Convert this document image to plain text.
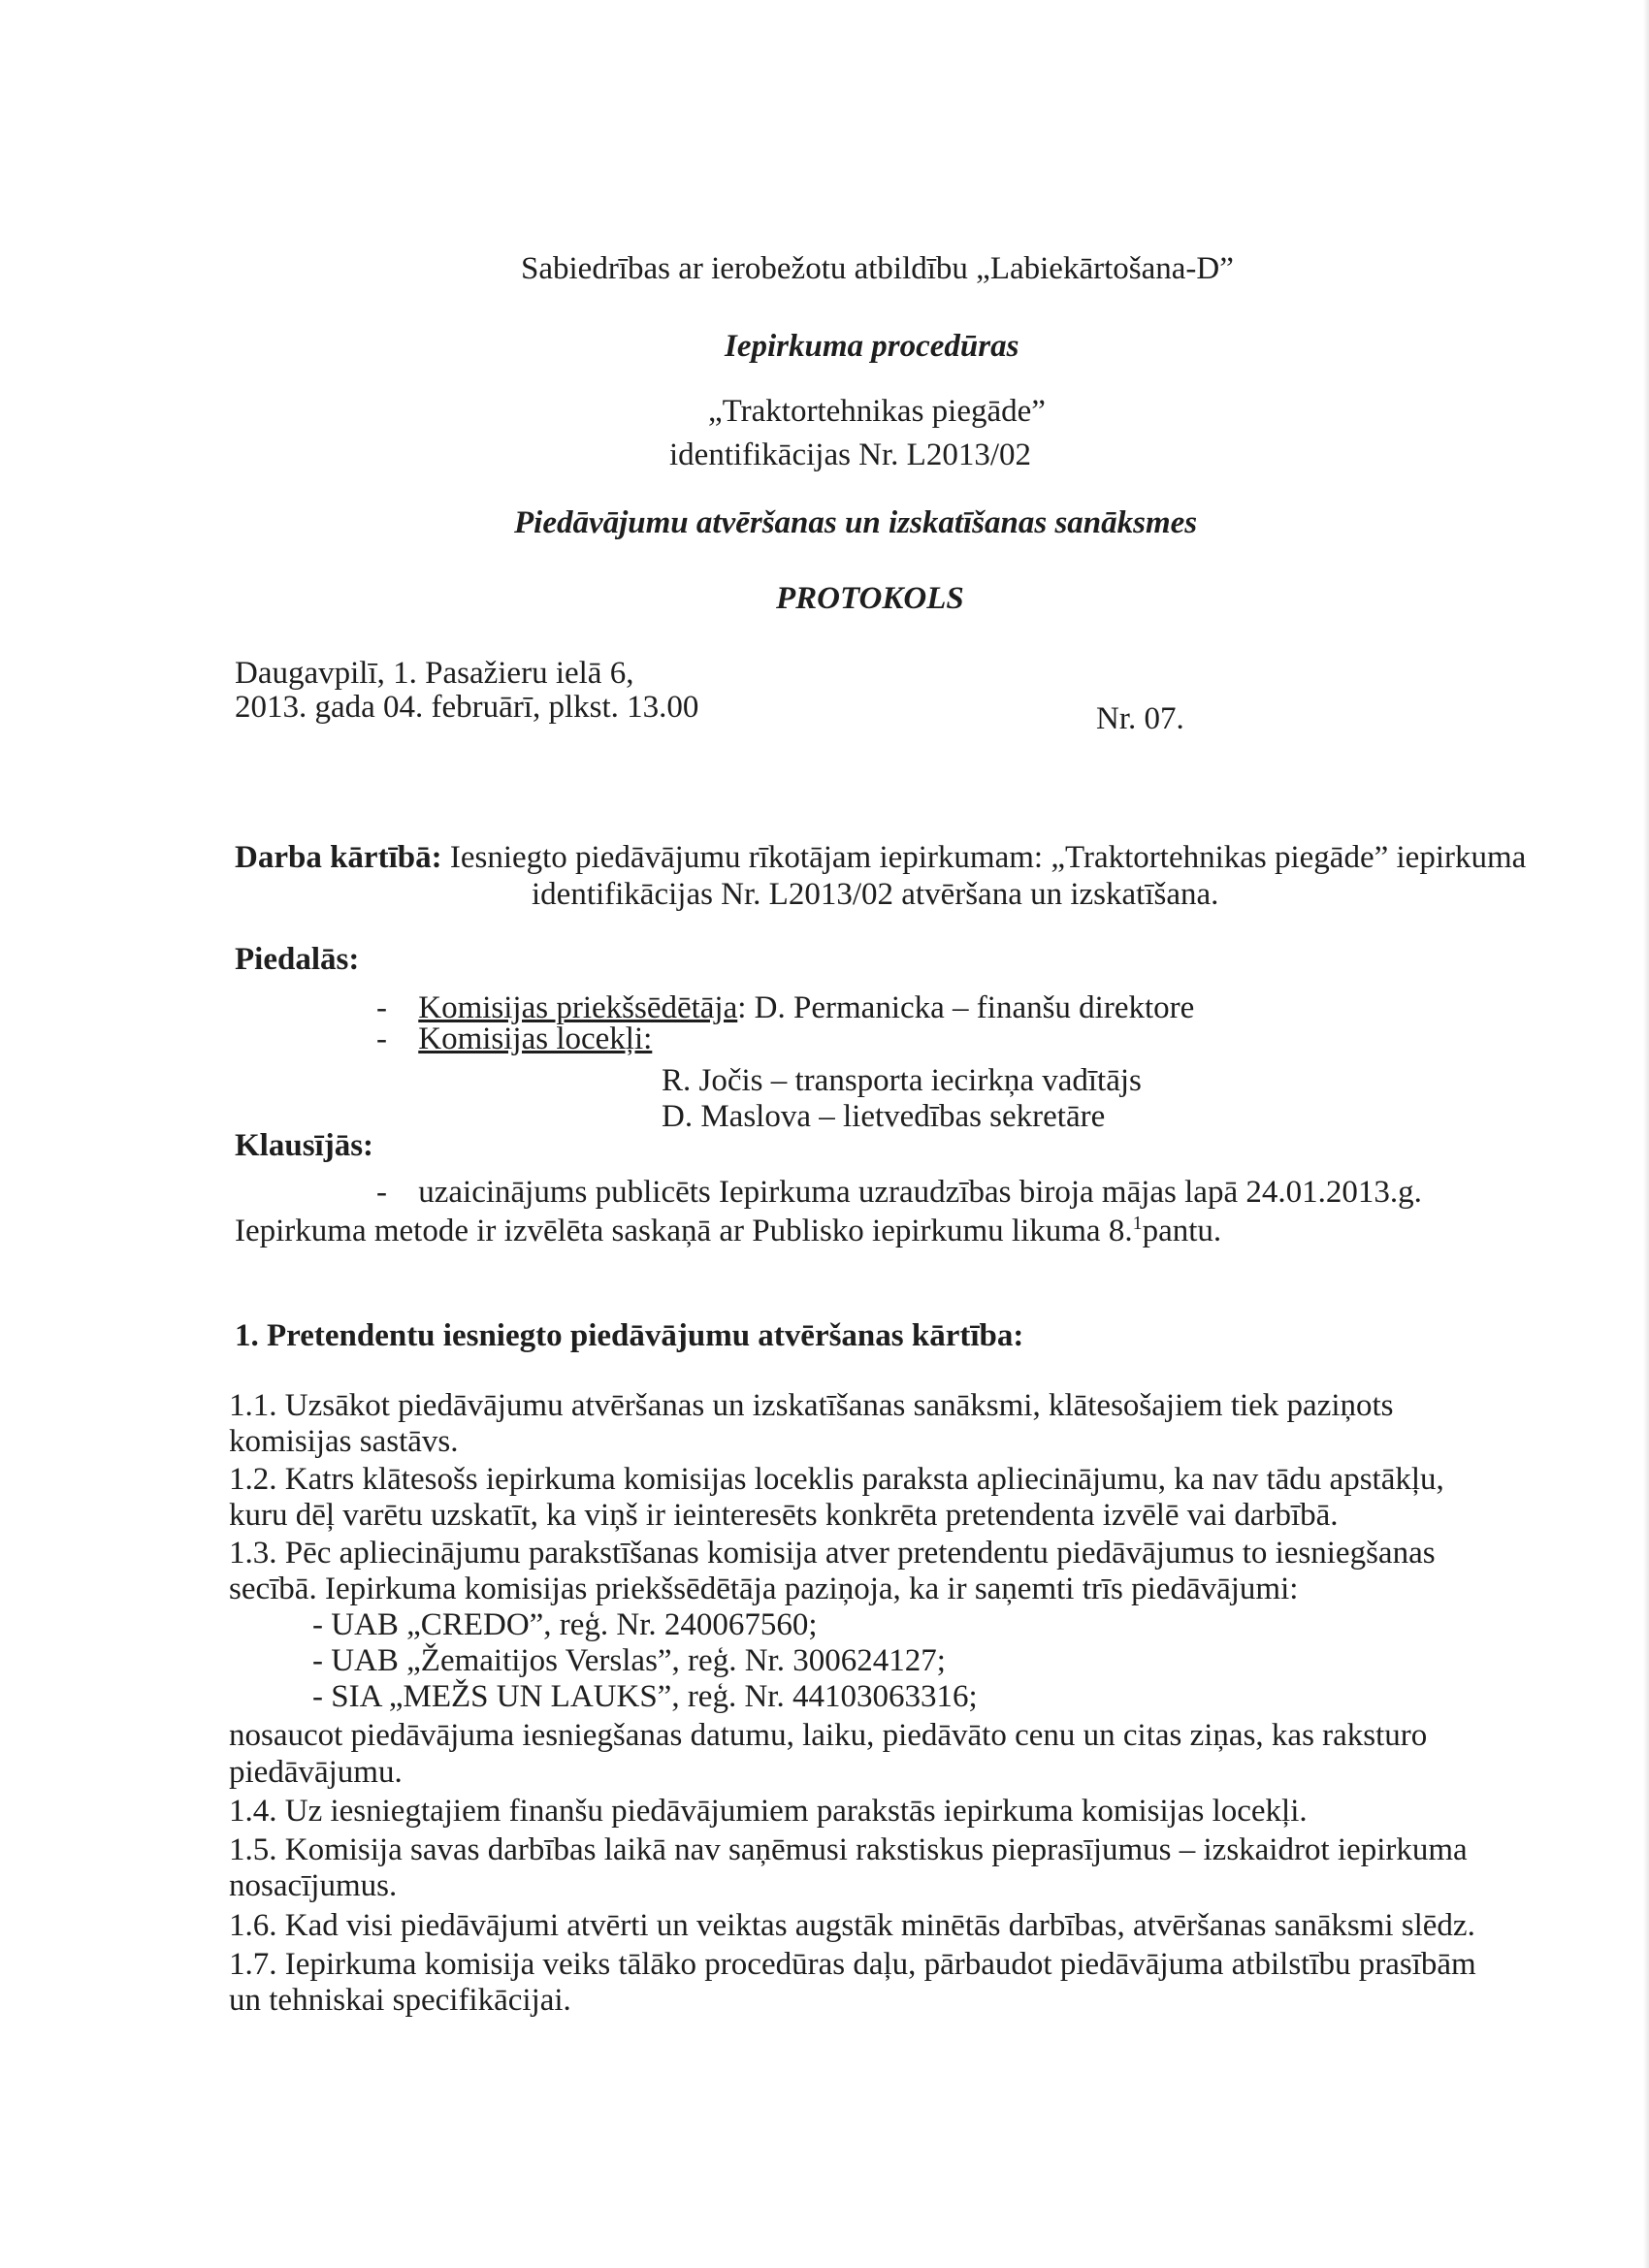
Sabiedrības ar ierobežotu atbildību „Labiekārtošana-D”
Iepirkuma procedūras
„Traktortehnikas piegāde”
identifikācijas Nr. L2013/02
Piedāvājumu atvēršanas un izskatīšanas sanāksmes
PROTOKOLS
Daugavpilī, 1. Pasažieru ielā 6,
2013. gada 04. februārī, plkst. 13.00	Nr. 07.
Darba kārtībā: Iesniegto piedāvājumu rīkotājam iepirkumam: „Traktortehnikas piegāde” iepirkuma
identifikācijas Nr. L2013/02 atvēršana un izskatīšana.
Piedalās:
- Komisijas priekšsēdētāja: D. Permanicka – finanšu direktore
- Komisijas locekļi:
R. Jočis – transporta iecirkņa vadītājs
D. Maslova – lietvedības sekretāre
Klausījās:
- uzaicinājums publicēts Iepirkuma uzraudzības biroja mājas lapā 24.01.2013.g.
Iepirkuma metode ir izvēlēta saskaņā ar Publisko iepirkumu likuma 8.$^1$pantu.
1. Pretendentu iesniegto piedāvājumu atvēršanas kārtība:
1.1. Uzsākot piedāvājumu atvēršanas un izskatīšanas sanāksmi, klātesošajiem tiek paziņots
komisijas sastāvs.
1.2. Katrs klātesošs iepirkuma komisijas loceklis paraksta apliecinājumu, ka nav tādu apstākļu,
kuru dēļ varētu uzskatīt, ka viņš ir ieinteresēts konkrēta pretendenta izvēlē vai darbībā.
1.3. Pēc apliecinājumu parakstīšanas komisija atver pretendentu piedāvājumus to iesniegšanas
secībā. Iepirkuma komisijas priekšsēdētāja paziņoja, ka ir saņemti trīs piedāvājumi:
- UAB „CREDO”, reģ. Nr. 240067560;
- UAB „Žemaitijos Verslas”, reģ. Nr. 300624127;
- SIA „MEŽS UN LAUKS”, reģ. Nr. 44103063316;
nosaucot piedāvājuma iesniegšanas datumu, laiku, piedāvāto cenu un citas ziņas, kas raksturo
piedāvājumu.
1.4. Uz iesniegtajiem finanšu piedāvājumiem parakstās iepirkuma komisijas locekļi.
1.5. Komisija savas darbības laikā nav saņēmusi rakstiskus pieprasījumus – izskaidrot iepirkuma
nosacījumus.
1.6. Kad visi piedāvājumi atvērti un veiktas augstāk minētās darbības, atvēršanas sanāksmi slēdz.
1.7. Iepirkuma komisija veiks tālāko procedūras daļu, pārbaudot piedāvājuma atbilstību prasībām
un tehniskai specifikācijai.
